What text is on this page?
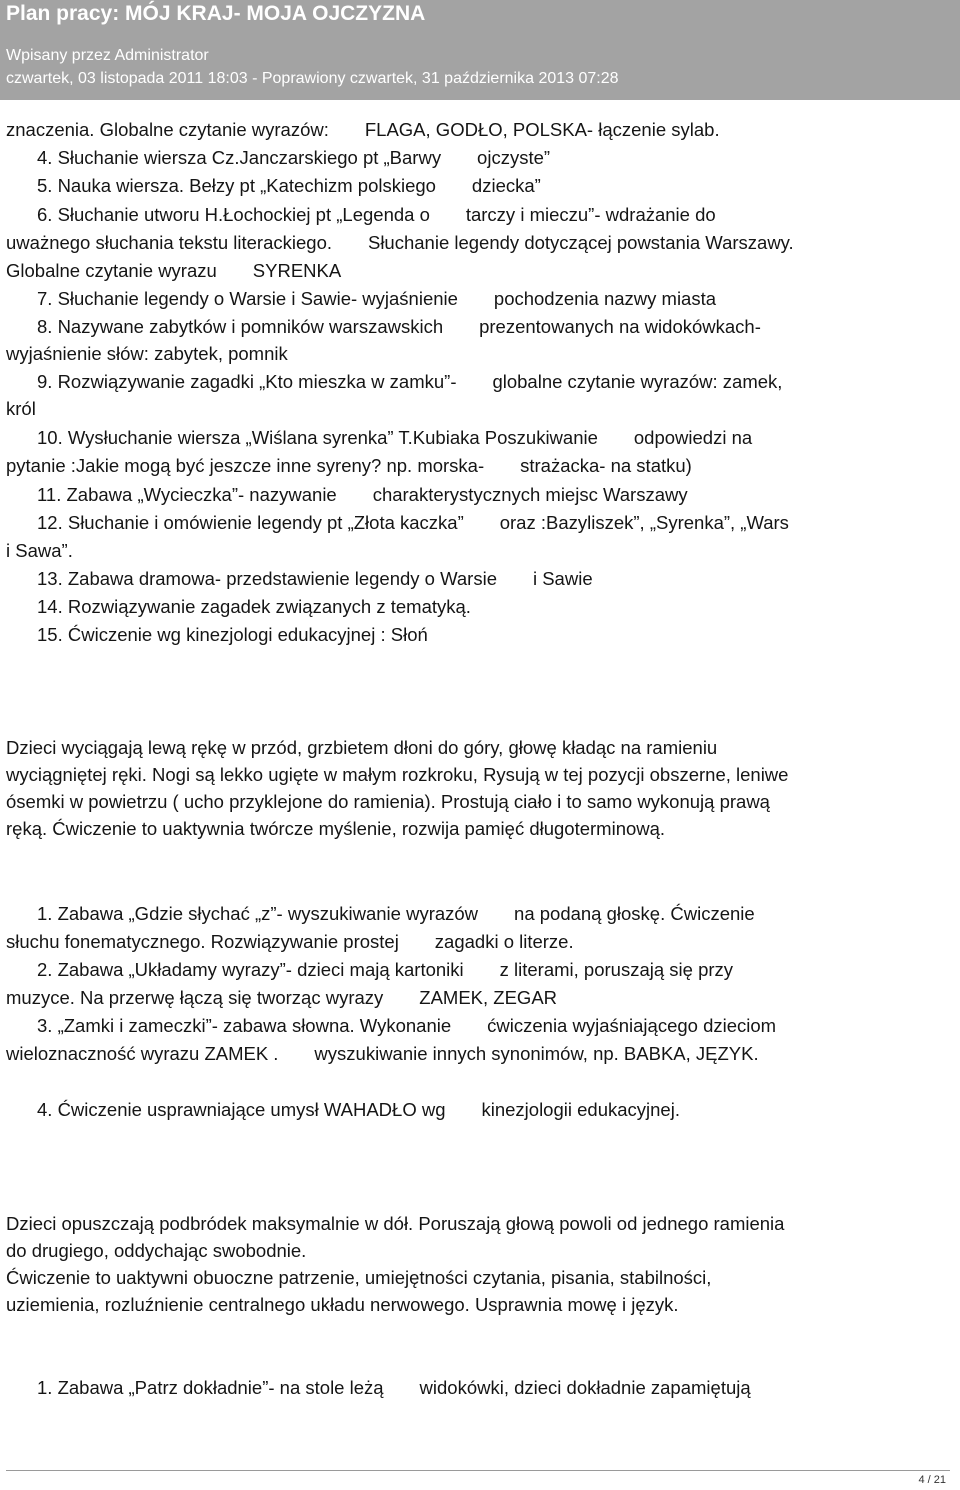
Plan pracy: MÓJ KRAJ- MOJA OJCZYZNA
Wpisany przez Administrator
czwartek, 03 listopada 2011 18:03 - Poprawiony czwartek, 31 października 2013 07:28
znaczenia. Globalne czytanie wyrazów:       FLAGA, GODŁO, POLSKA- łączenie sylab.
4. Słuchanie wiersza Cz.Janczarskiego pt „Barwy       ojczyste”
5. Nauka wiersza. Bełzy pt „Katechizm polskiego       dziecka”
6. Słuchanie utworu H.Łochockiej pt „Legenda o       tarczy i mieczu”- wdrażanie do
uważnego słuchania tekstu literackiego.       Słuchanie legendy dotyczącej powstania Warszawy.
Globalne czytanie wyrazu       SYRENKA
7. Słuchanie legendy o Warsie i Sawie- wyjaśnienie       pochodzenia nazwy miasta
8. Nazywane zabytków i pomników warszawskich       prezentowanych na widokówkach-
wyjaśnienie słów: zabytek, pomnik
9. Rozwiązywanie zagadki „Kto mieszka w zamku”-       globalne czytanie wyrazów: zamek,
król
10. Wysłuchanie wiersza „Wiślana syrenka” T.Kubiaka Poszukiwanie       odpowiedzi na
pytanie :Jakie mogą być jeszcze inne syreny? np. morska-       strażacka- na statku)
11. Zabawa „Wycieczka”- nazywanie       charakterystycznych miejsc Warszawy
12. Słuchanie i omówienie legendy pt „Złota kaczka”       oraz :Bazyliszek”, „Syrenka”, „Wars
i Sawa”.
13. Zabawa dramowa- przedstawienie legendy o Warsie       i Sawie
14. Rozwiązywanie zagadek związanych z tematyką.
15. Ćwiczenie wg kinezjologi edukacyjnej : Słoń
Dzieci wyciągają lewą rękę w przód, grzbietem dłoni do góry, głowę kładąc na ramieniu
wyciągniętej ręki. Nogi są lekko ugięte w małym rozkroku, Rysują w tej pozycji obszerne, leniwe
ósemki w powietrzu ( ucho przyklejone do ramienia). Prostują ciało i to samo wykonują prawą
ręką. Ćwiczenie to uaktywnia twórcze myślenie, rozwija pamięć długoterminową.
1. Zabawa „Gdzie słychać „z”- wyszukiwanie wyrazów       na podaną głoskę. Ćwiczenie
słuchu fonematycznego. Rozwiązywanie prostej       zagadki o literze.
2. Zabawa „Układamy wyrazy”- dzieci mają kartoniki       z literami, poruszają się przy
muzyce. Na przerwę łączą się tworząc wyrazy       ZAMEK, ZEGAR
3. „Zamki i zameczki”- zabawa słowna. Wykonanie       ćwiczenia wyjaśniającego dzieciom
wieloznaczność wyrazu ZAMEK .       wyszukiwanie innych synonimów, np. BABKA, JĘZYK.
4. Ćwiczenie usprawniające umysł WAHADŁO wg       kinezjologii edukacyjnej.
Dzieci opuszczają podbródek maksymalnie w dół. Poruszają głową powoli od jednego ramienia
do drugiego, oddychając swobodnie.
Ćwiczenie to uaktywni obuoczne patrzenie, umiejętności czytania, pisania, stabilności,
uziemienia, rozluźnienie centralnego układu nerwowego. Usprawnia mowę i język.
1. Zabawa „Patrz dokładnie”- na stole leżą       widokówki, dzieci dokładnie zapamiętują
4 / 21
